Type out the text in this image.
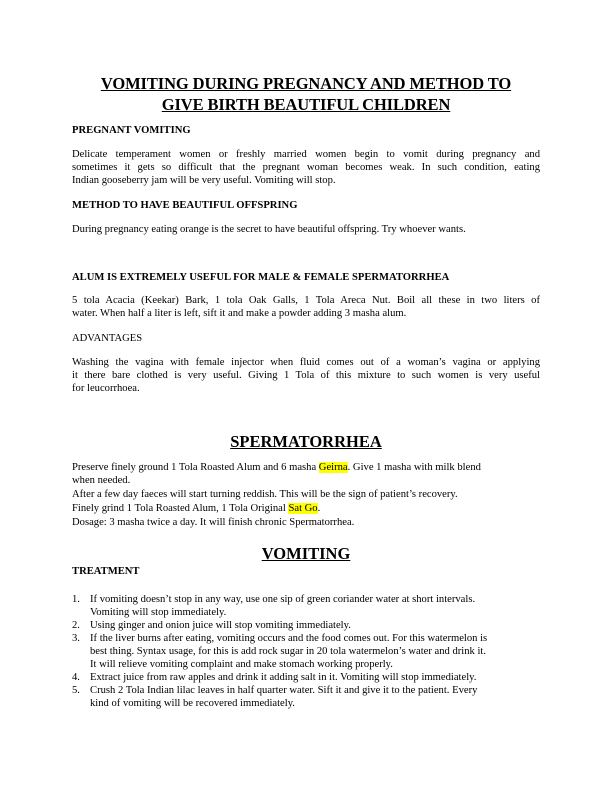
VOMITING DURING PREGNANCY AND METHOD TO
GIVE BIRTH BEAUTIFUL CHILDREN
PREGNANT VOMITING
Delicate temperament women or freshly married women begin to vomit during pregnancy and
sometimes it gets so difficult that the pregnant woman becomes weak. In such condition, eating
Indian gooseberry jam will be very useful. Vomiting will stop.
METHOD TO HAVE BEAUTIFUL OFFSPRING
During pregnancy eating orange is the secret to have beautiful offspring. Try whoever wants.
ALUM IS EXTREMELY USEFUL FOR MALE & FEMALE SPERMATORRHEA
5 tola Acacia (Keekar) Bark, 1 tola Oak Galls, 1 Tola Areca Nut. Boil all these in two liters of
water. When half a liter is left, sift it and make a powder adding 3 masha alum.
ADVANTAGES
Washing the vagina with female injector when fluid comes out of a woman’s vagina or applying
it there bare clothed is very useful. Giving 1 Tola of this mixture to such women is very useful
for leucorrhoea.
SPERMATORRHEA
Preserve finely ground 1 Tola Roasted Alum and 6 masha Geirna. Give 1 masha with milk blend
when needed.
After a few day faeces will start turning reddish. This will be the sign of patient’s recovery.
Finely grind 1 Tola Roasted Alum, 1 Tola Original Sat Go.
Dosage: 3 masha twice a day. It will finish chronic Spermatorrhea.
VOMITING
TREATMENT
1. If vomiting doesn’t stop in any way, use one sip of green coriander water at short intervals.
Vomiting will stop immediately.
2. Using ginger and onion juice will stop vomiting immediately.
3. If the liver burns after eating, vomiting occurs and the food comes out. For this watermelon is
best thing. Syntax usage, for this is add rock sugar in 20 tola watermelon’s water and drink it.
It will relieve vomiting complaint and make stomach working properly.
4. Extract juice from raw apples and drink it adding salt in it. Vomiting will stop immediately.
5. Crush 2 Tola Indian lilac leaves in half quarter water. Sift it and give it to the patient. Every
kind of vomiting will be recovered immediately.
